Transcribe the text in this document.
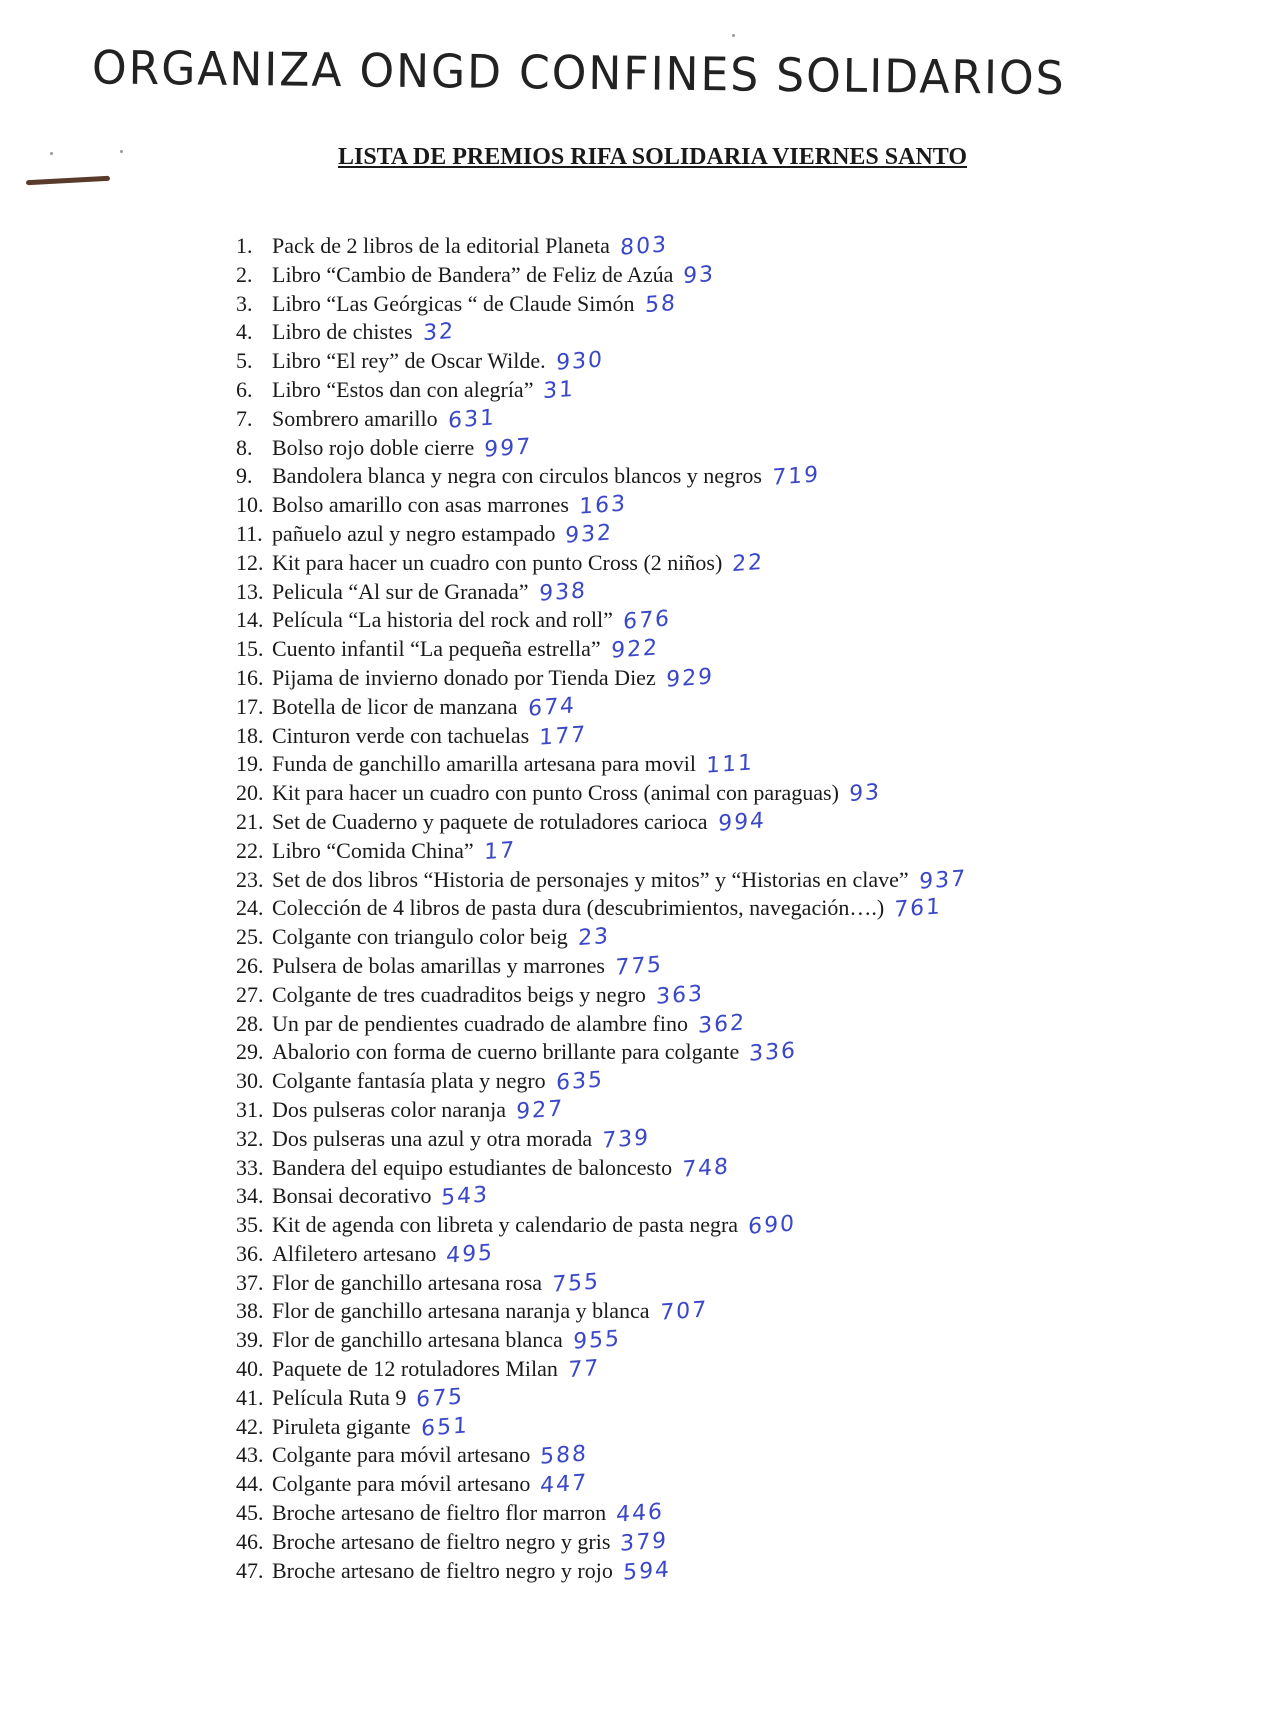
ORGANIZA ONGD CONFINES SOLIDARIOS
LISTA DE PREMIOS RIFA SOLIDARIA VIERNES SANTO
1. Pack de 2 libros de la editorial Planeta 803
2. Libro “Cambio de Bandera” de Feliz de Azúa 93
3. Libro “Las Geórgicas “ de Claude Simón 58
4. Libro de chistes 32
5. Libro “El rey” de Oscar Wilde. 930
6. Libro “Estos dan con alegría” 31
7. Sombrero amarillo 631
8. Bolso rojo doble cierre 997
9. Bandolera blanca y negra con circulos blancos y negros 719
10. Bolso amarillo con asas marrones 163
11. pañuelo azul y negro estampado 932
12. Kit para hacer un cuadro con punto Cross (2 niños) 22
13. Pelicula “Al sur de Granada” 938
14. Película “La historia del rock and roll” 676
15. Cuento infantil “La pequeña estrella” 922
16. Pijama de invierno donado por Tienda Diez 929
17. Botella de licor de manzana 674
18. Cinturon verde con tachuelas 177
19. Funda de ganchillo amarilla artesana para movil 111
20. Kit para hacer un cuadro con punto Cross (animal con paraguas) 93
21. Set de Cuaderno y paquete de rotuladores carioca 994
22. Libro “Comida China” 17
23. Set de dos libros “Historia de personajes y mitos” y “Historias en clave” 937
24. Colección de 4 libros de pasta dura (descubrimientos, navegación….) 761
25. Colgante con triangulo color beig 23
26. Pulsera de bolas amarillas y marrones 775
27. Colgante de tres cuadraditos beigs y negro 363
28. Un par de pendientes cuadrado de alambre fino 362
29. Abalorio con forma de cuerno brillante para colgante 336
30. Colgante fantasía plata y negro 635
31. Dos pulseras color naranja 927
32. Dos pulseras una azul y otra morada 739
33. Bandera del equipo estudiantes de baloncesto 748
34. Bonsai decorativo 543
35. Kit de agenda con libreta y calendario de pasta negra 690
36. Alfiletero artesano 495
37. Flor de ganchillo artesana rosa 755
38. Flor de ganchillo artesana naranja y blanca 707
39. Flor de ganchillo artesana blanca 955
40. Paquete de 12 rotuladores Milan 77
41. Película Ruta 9 675
42. Piruleta gigante 651
43. Colgante para móvil artesano 588
44. Colgante para móvil artesano 447
45. Broche artesano de fieltro flor marron 446
46. Broche artesano de fieltro negro y gris 379
47. Broche artesano de fieltro negro y rojo 594
